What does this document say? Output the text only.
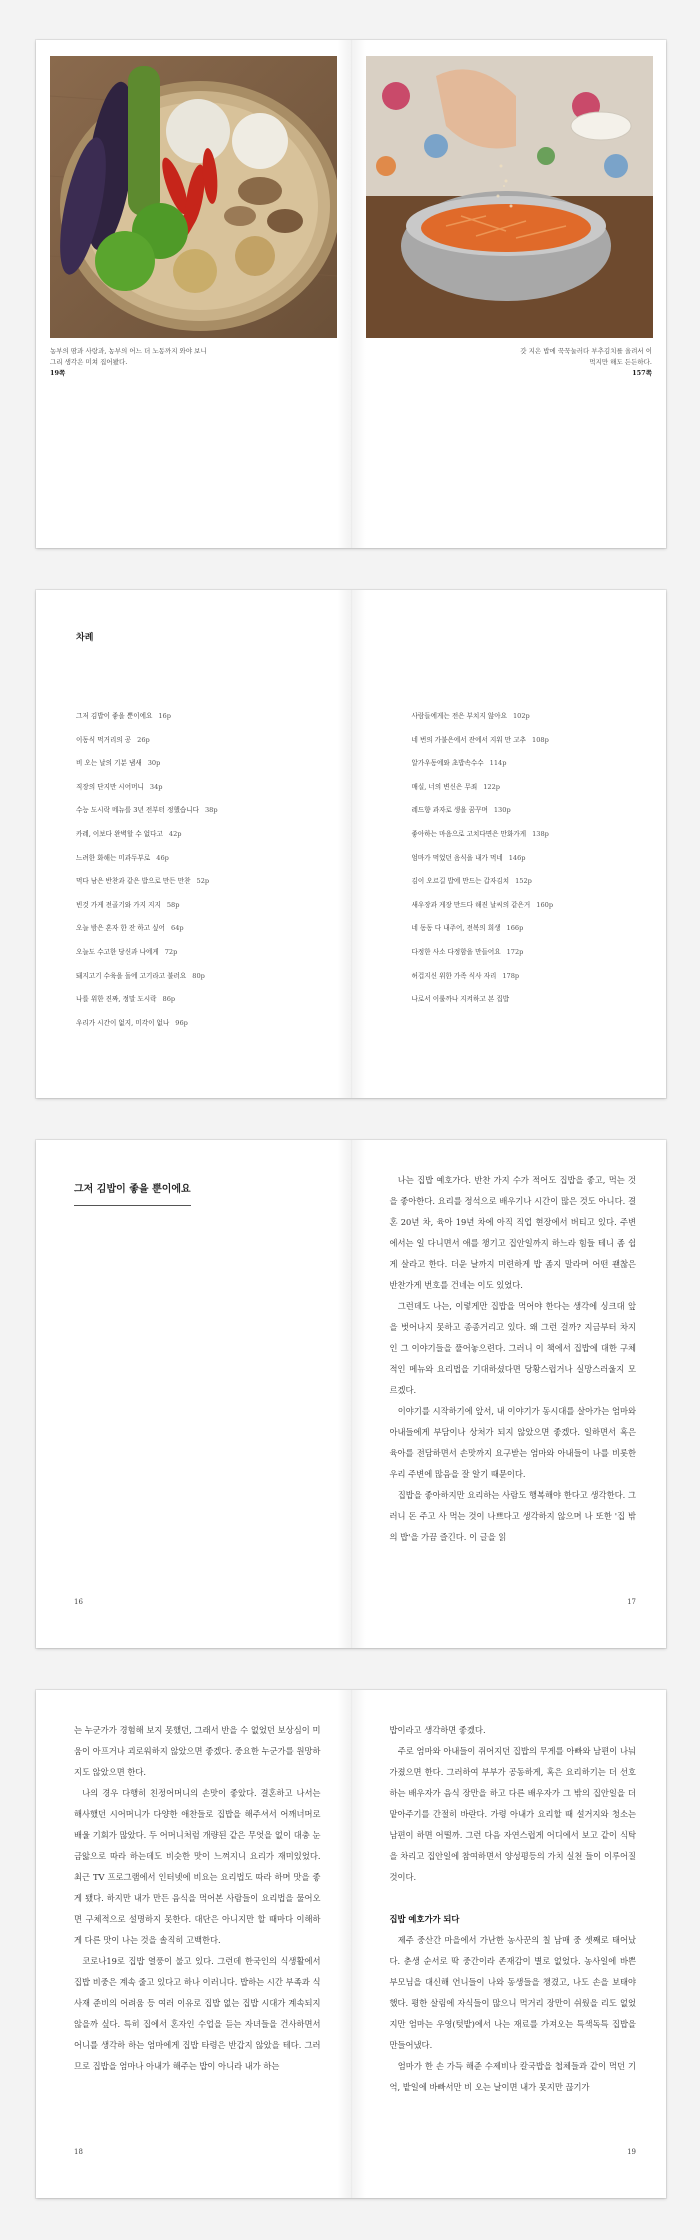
농부의 땀과 사랑과, 농부의 어느 더 노동까지 와야 보니
그리 생각은 미쳐 집어봤다.
19쪽
갓 지은 밥에 꾹꾹눌러다 부추김치를 올려서 이
먹지만 해도 든든하다.
157쪽
차례
그저 김밥이 좋을 뿐이에요 16p
이동식 먹거리의 공 26p
비 오는 날의 기분 냄새 30p
직장의 단지만 시어머니 34p
수능 도시락 메뉴를 3년 전부터 정했습니다 38p
카레, 이보다 완벽할 수 없다고 42p
느려한 화해는 미과두부로 46p
먹다 남은 반찬과 같은 밥으로 만든 만찬 52p
빈것 가게 전골기와 가지 지지 58p
오늘 밤은 혼자 한 잔 하고 싶어 64p
오늘도 수고한 당신과 나에게 72p
돼지고기 수육을 돌에 고기라고 불러요 80p
나를 위한 진짜, 정말 도시락 86p
우리가 시간이 없지, 미각이 없나 96p
사람들에게는 전은 부치지 않아요 102p
네 번의 가불은에서 잔에서 지워 만 고추 108p
알가우동에와 초밥속수수 114p
매실, 너의 변신은 무죄 122p
레드향 과자로 생을 꿈꾸며 130p
좋아하는 마음으로 고치다면은 만화가게 138p
엄마가 먹었던 음식을 내가 먹네 146p
김이 오르길 밥에 만드는 갑자김치 152p
새우장과 게장 만드다 해진 날씨의 같은거 160p
네 동동 다 내주어, 전복의 희생 166p
다정한 사소 다정함을 만들어요 172p
허겁지신 위한 가족 식사 자리 178p
나로서 이룰까나 지켜하고 본 집밥
그저 김밥이 좋을 뿐이에요
16

나는 집밥 예호가다. 반찬 가지 수가 적어도 집밥을 좋고, 먹는 것을 좋아한다. 요리를 정석으로 배우기나 시간이 많은 것도 아니다. 결혼 20년 차, 육아 19년 차에 아직 직업 현장에서 버티고 있다. 주변에서는 일 다니면서 애를 챙기고 집안일까지 하느라 힘들 테니 좀 쉽게 살라고 한다. 더운 날까지 미련하게 밥 좀지 말라며 어떤 괜찮은 반찬가게 번호를 건네는 이도 있었다.

그런데도 나는, 이렇게만 집밥을 먹어야 한다는 생각에 싱크대 앞을 벗어나지 못하고 종종거리고 있다. 왜 그런 걸까? 지금부터 차지인 그 이야기들을 풀어놓으련다. 그러니 이 책에서 집밥에 대한 구체적인 메뉴와 요리법을 기대하셨다면 당황스럽거나 실망스러울지 모르겠다.

이야기를 시작하기에 앞서, 내 이야기가 동시대를 살아가는 엄마와 아내들에게 부담이나 상처가 되지 않았으면 좋겠다. 일하면서 혹은 육아를 전담하면서 손맛까지 요구받는 엄마와 아내들이 나를 비롯한 우리 주변에 많음을 잘 알기 때문이다.

집밥을 좋아하지만 요리하는 사람도 행복해야 한다고 생각한다. 그러니 돈 주고 사 먹는 것이 나쁘다고 생각하지 않으며 나 또한 '집 밖의 밥'을 가끔 즐긴다. 이 글을 읽

17

는 누군가가 경험해 보지 못했던, 그래서 반을 수 없었던 보상심이 미움이 아프거나 괴로워하지 않았으면 좋겠다. 중요한 누군가를 원망하지도 않았으면 한다.

나의 경우 다행히 친정어머니의 손맛이 좋았다. 결혼하고 나서는 해사했던 시어머니가 다양한 애찬들로 집밥을 해주셔서 어깨너머로 배울 기회가 많았다. 두 어머니처럼 개량된 같은 무엇을 없이 대충 눈금앓으로 따라 하는데도 비슷한 맛이 느껴지니 요리가 재미있었다. 최근 TV 프로그램에서 인터넷에 비요는 요리법도 따라 하며 맛을 좋게 됐다. 하지만 내가 만든 음식을 먹어본 사람들이 요리법을 물어오면 구체적으로 설명하지 못한다. 대단은 아니지만 할 때마다 이해하게 다른 맛이 나는 것을 솔직히 고백한다.

코로나19로 집밥 열풍이 불고 있다. 그런데 한국인의 식생활에서 집밥 비중은 계속 줄고 있다고 하나 이러니다. 밥하는 시간 부족과 식사재 준비의 어려움 등 여러 이유로 집밥 없는 집밥 시대가 계속되지 않을까 싶다. 특히 집에서 혼자인 수업을 듣는 자녀들을 건사하면서 어니를 생각하 하는 엄마에게 집밥 타령은 반갑지 않았을 테다. 그러므로 집밥을 엄마나 아내가 해주는 밥이 아니라 내가 하는

18

밥이라고 생각하면 좋겠다.

주로 엄마와 아내들이 쥐어지던 집밥의 무게를 아빠와 남편이 나눠 가졌으면 한다. 그러하여 부부가 공동하게, 혹은 요리하기는 더 선호하는 배우자가 음식 장만을 하고 다른 배우자가 그 밖의 집안일을 더 맡아주기를 간절히 바란다. 가령 아내가 요리할 때 설거지와 청소는 남편이 하면 어떨까. 그런 다음 자연스럽게 어디에서 보고 같이 식탁을 차리고 집안일에 참여하면서 양성평등의 가치 실천 들이 이루어질 것이다.

집밥 예호가가 되다

제주 중산간 마을에서 가난한 농사꾼의 칠 남매 중 셋째로 태어났다. 춘생 순서로 딱 중간이라 존재감이 별로 없었다. 농사일에 바쁜 부모님을 대신해 언니들이 나와 동생들을 챙겼고, 나도 손을 보태야 했다. 평한 살림에 자식들이 많으니 먹거리 장만이 쉬웠을 리도 없었지만 엄마는 우영(텃밭)에서 나는 재료를 가져오는 특색독특 집밥을 만들어냈다.

엄마가 한 손 가득 해준 수제비나 칼국밥을 첩체들과 같이 먹던 기억, 밭일에 바빠서만 비 오는 날이면 내가 못지만 끊기가

19
